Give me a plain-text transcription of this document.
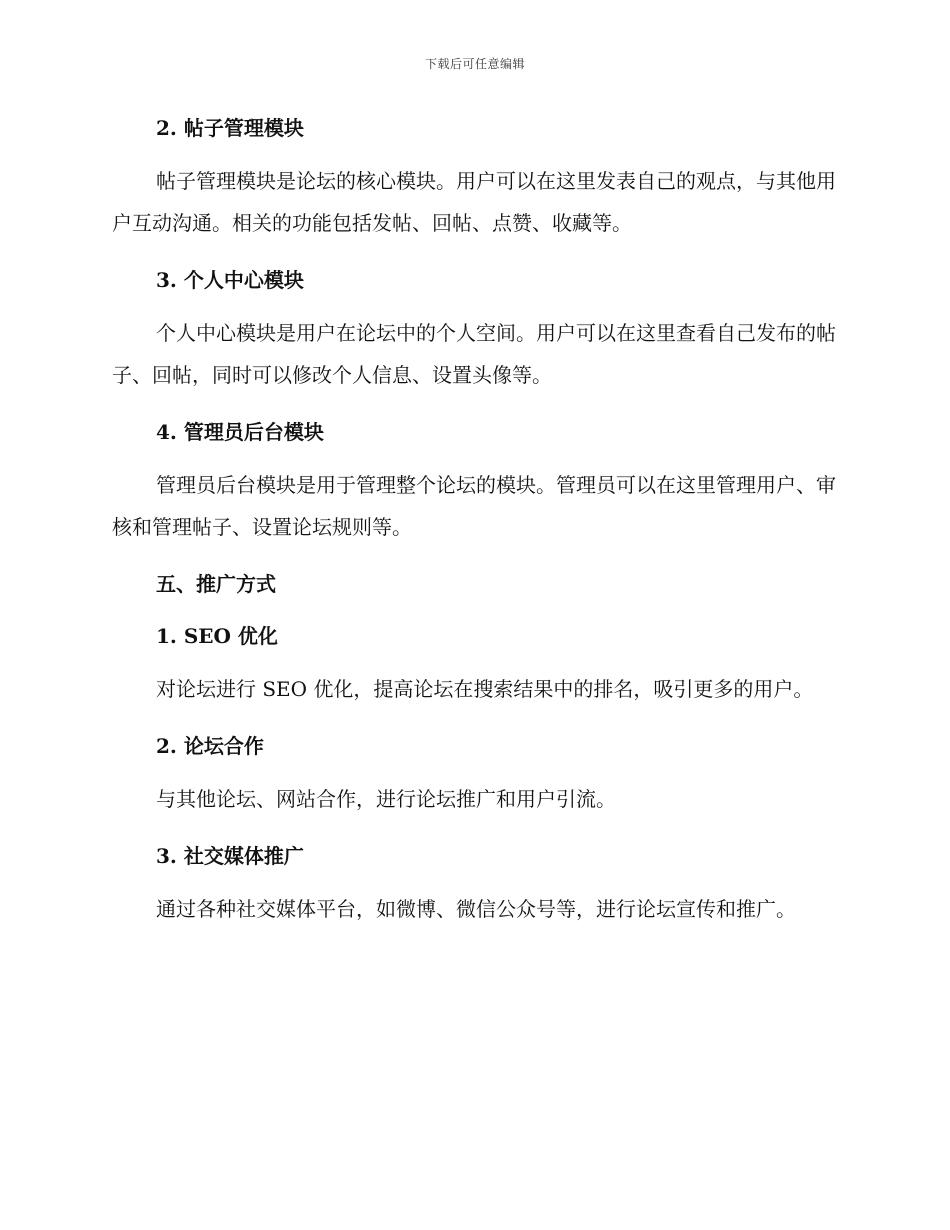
下载后可任意编辑
2. 帖子管理模块

帖子管理模块是论坛的核心模块。用户可以在这里发表自己的观点，与其他用户互动沟通。相关的功能包括发帖、回帖、点赞、收藏等。

3. 个人中心模块

个人中心模块是用户在论坛中的个人空间。用户可以在这里查看自己发布的帖子、回帖，同时可以修改个人信息、设置头像等。

4. 管理员后台模块

管理员后台模块是用于管理整个论坛的模块。管理员可以在这里管理用户、审核和管理帖子、设置论坛规则等。

五、推广方式
1. SEO 优化

对论坛进行 SEO 优化，提高论坛在搜索结果中的排名，吸引更多的用户。

2. 论坛合作

与其他论坛、网站合作，进行论坛推广和用户引流。

3. 社交媒体推广

通过各种社交媒体平台，如微博、微信公众号等，进行论坛宣传和推广。
